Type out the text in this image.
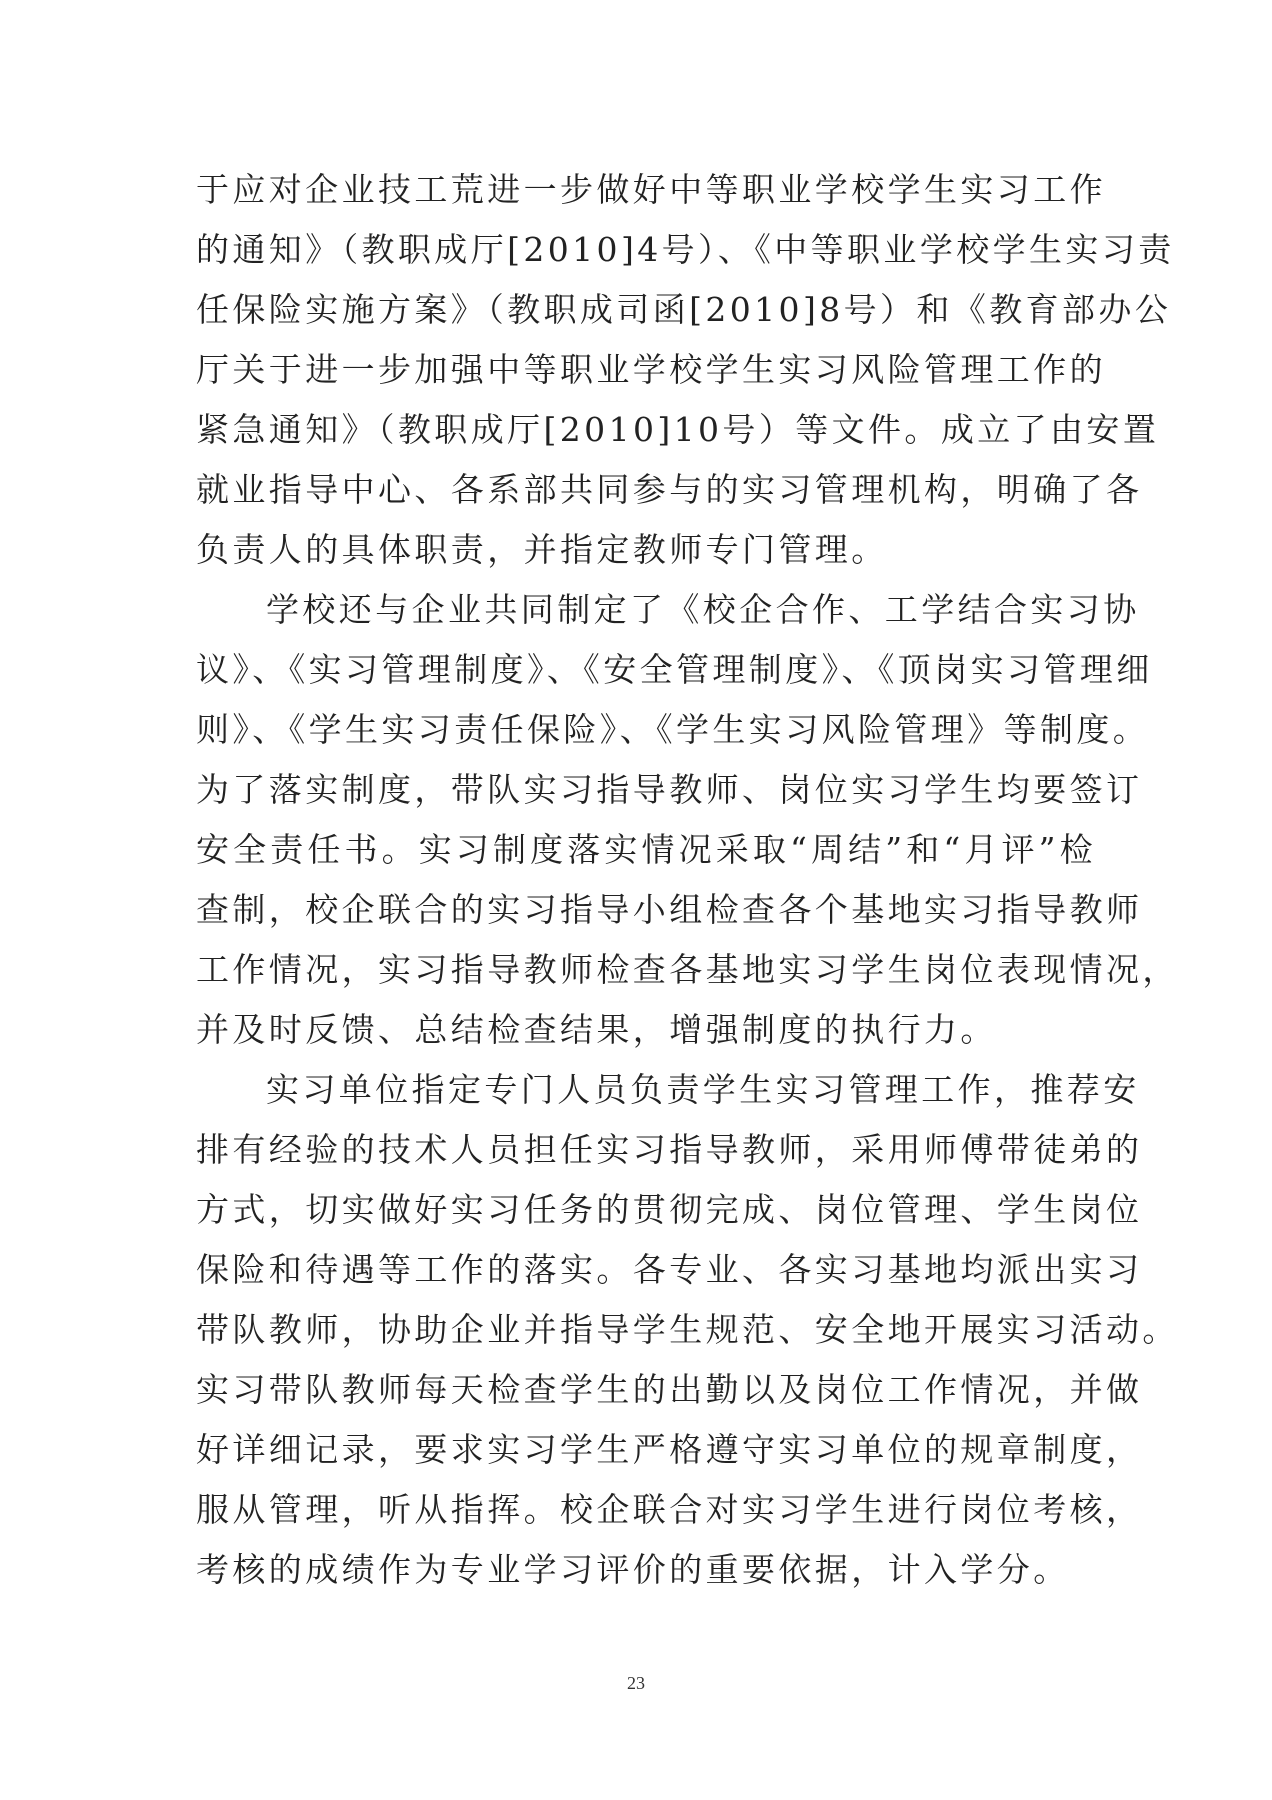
于应对企业技工荒进一步做好中等职业学校学生实习工作
的通知》（教职成厅[2010]4号）、《中等职业学校学生实习责
任保险实施方案》（教职成司函[2010]8号）和《教育部办公
厅关于进一步加强中等职业学校学生实习风险管理工作的
紧急通知》（教职成厅[2010]10号）等文件。成立了由安置
就业指导中心、各系部共同参与的实习管理机构，明确了各
负责人的具体职责，并指定教师专门管理。
学校还与企业共同制定了《校企合作、工学结合实习协
议》、《实习管理制度》、《安全管理制度》、《顶岗实习管理细
则》、《学生实习责任保险》、《学生实习风险管理》等制度。
为了落实制度，带队实习指导教师、岗位实习学生均要签订
安全责任书。实习制度落实情况采取“周结”和“月评”检
查制，校企联合的实习指导小组检查各个基地实习指导教师
工作情况，实习指导教师检查各基地实习学生岗位表现情况，
并及时反馈、总结检查结果，增强制度的执行力。
实习单位指定专门人员负责学生实习管理工作，推荐安
排有经验的技术人员担任实习指导教师，采用师傅带徒弟的
方式，切实做好实习任务的贯彻完成、岗位管理、学生岗位
保险和待遇等工作的落实。各专业、各实习基地均派出实习
带队教师，协助企业并指导学生规范、安全地开展实习活动。
实习带队教师每天检查学生的出勤以及岗位工作情况，并做
好详细记录，要求实习学生严格遵守实习单位的规章制度，
服从管理，听从指挥。校企联合对实习学生进行岗位考核，
考核的成绩作为专业学习评价的重要依据，计入学分。
23
